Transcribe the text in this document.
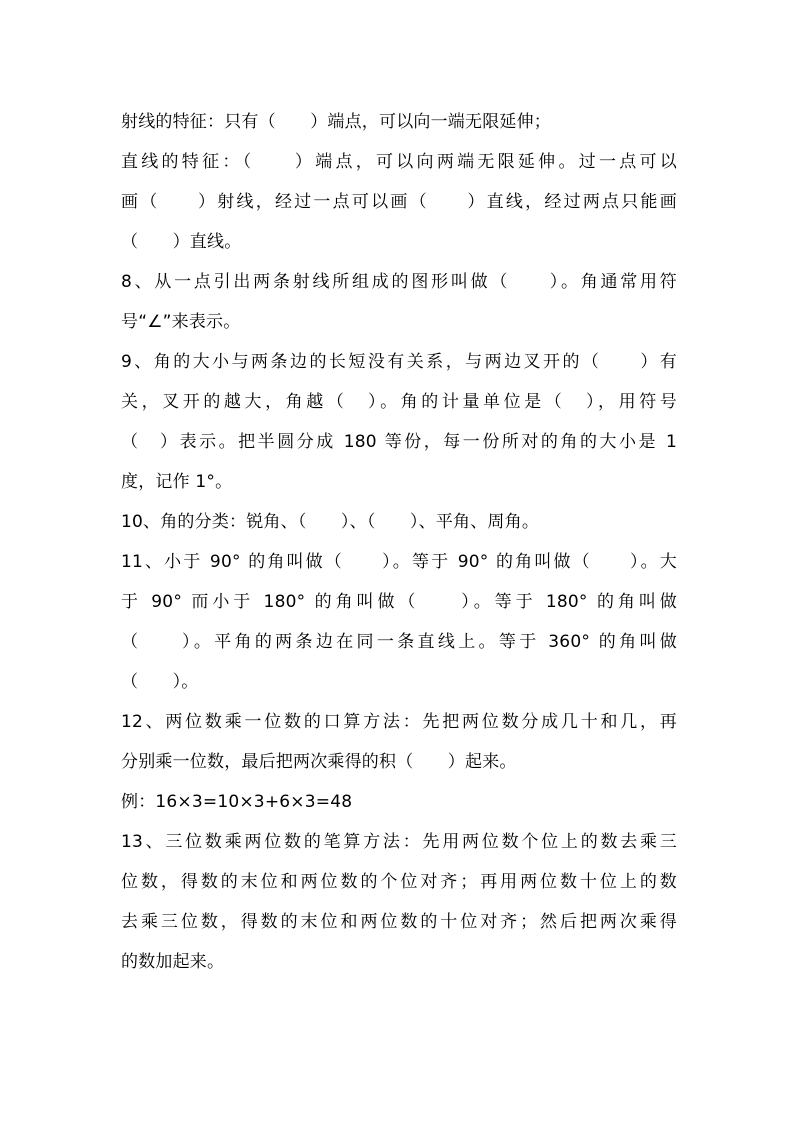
射线的特征：只有（　　）端点，可以向一端无限延伸；
直线的特征：（　　）端点，可以向两端无限延伸。过一点可以
画（　　）射线，经过一点可以画（　　）直线，经过两点只能画
（　　）直线。
8、从一点引出两条射线所组成的图形叫做（　　）。角通常用符
号“∠”来表示。
9、角的大小与两条边的长短没有关系，与两边叉开的（　　）有
关，叉开的越大，角越（　）。角的计量单位是（　），用符号
（　）表示。把半圆分成 180 等份，每一份所对的角的大小是 1
度，记作 1°。
10、角的分类：锐角、（　　）、（　　）、平角、周角。
11、小于 90° 的角叫做（　　）。等于 90° 的角叫做（　　）。大
于 90° 而小于 180° 的角叫做（　　）。等于 180° 的角叫做
（　　）。平角的两条边在同一条直线上。等于 360° 的角叫做
（　　）。
12、两位数乘一位数的口算方法：先把两位数分成几十和几，再
分别乘一位数，最后把两次乘得的积（　　）起来。
例：16×3=10×3+6×3=48
13、三位数乘两位数的笔算方法：先用两位数个位上的数去乘三
位数，得数的末位和两位数的个位对齐；再用两位数十位上的数
去乘三位数，得数的末位和两位数的十位对齐；然后把两次乘得
的数加起来。
